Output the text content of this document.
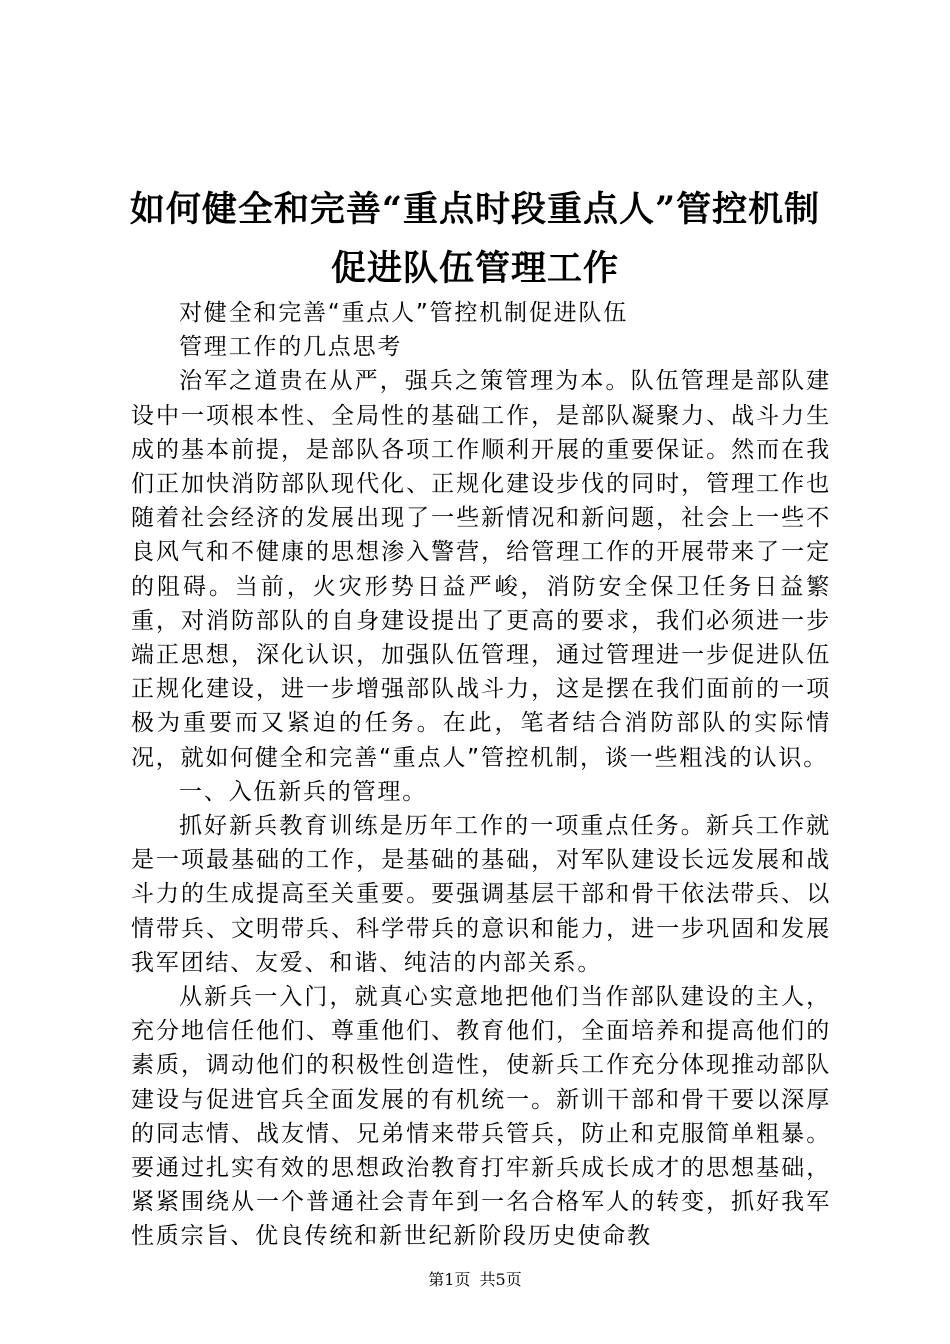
如何健全和完善“重点时段重点人”管控机制
促进队伍管理工作

对健全和完善“重点人”管控机制促进队伍

管理工作的几点思考

治军之道贵在从严，强兵之策管理为本。队伍管理是部队建设中一项根本性、全局性的基础工作，是部队凝聚力、战斗力生成的基本前提，是部队各项工作顺利开展的重要保证。然而在我们正加快消防部队现代化、正规化建设步伐的同时，管理工作也随着社会经济的发展出现了一些新情况和新问题，社会上一些不良风气和不健康的思想渗入警营，给管理工作的开展带来了一定的阻碍。当前，火灾形势日益严峻，消防安全保卫任务日益繁重，对消防部队的自身建设提出了更高的要求，我们必须进一步端正思想，深化认识，加强队伍管理，通过管理进一步促进队伍正规化建设，进一步增强部队战斗力，这是摆在我们面前的一项极为重要而又紧迫的任务。在此，笔者结合消防部队的实际情况，就如何健全和完善“重点人”管控机制，谈一些粗浅的认识。

一、入伍新兵的管理。

抓好新兵教育训练是历年工作的一项重点任务。新兵工作就是一项最基础的工作，是基础的基础，对军队建设长远发展和战斗力的生成提高至关重要。要强调基层干部和骨干依法带兵、以情带兵、文明带兵、科学带兵的意识和能力，进一步巩固和发展我军团结、友爱、和谐、纯洁的内部关系。

从新兵一入门，就真心实意地把他们当作部队建设的主人，充分地信任他们、尊重他们、教育他们，全面培养和提高他们的素质，调动他们的积极性创造性，使新兵工作充分体现推动部队建设与促进官兵全面发展的有机统一。新训干部和骨干要以深厚的同志情、战友情、兄弟情来带兵管兵，防止和克服简单粗暴。要通过扎实有效的思想政治教育打牢新兵成长成才的思想基础，紧紧围绕从一个普通社会青年到一名合格军人的转变，抓好我军性质宗旨、优良传统和新世纪新阶段历史使命教

第1页 共5页
